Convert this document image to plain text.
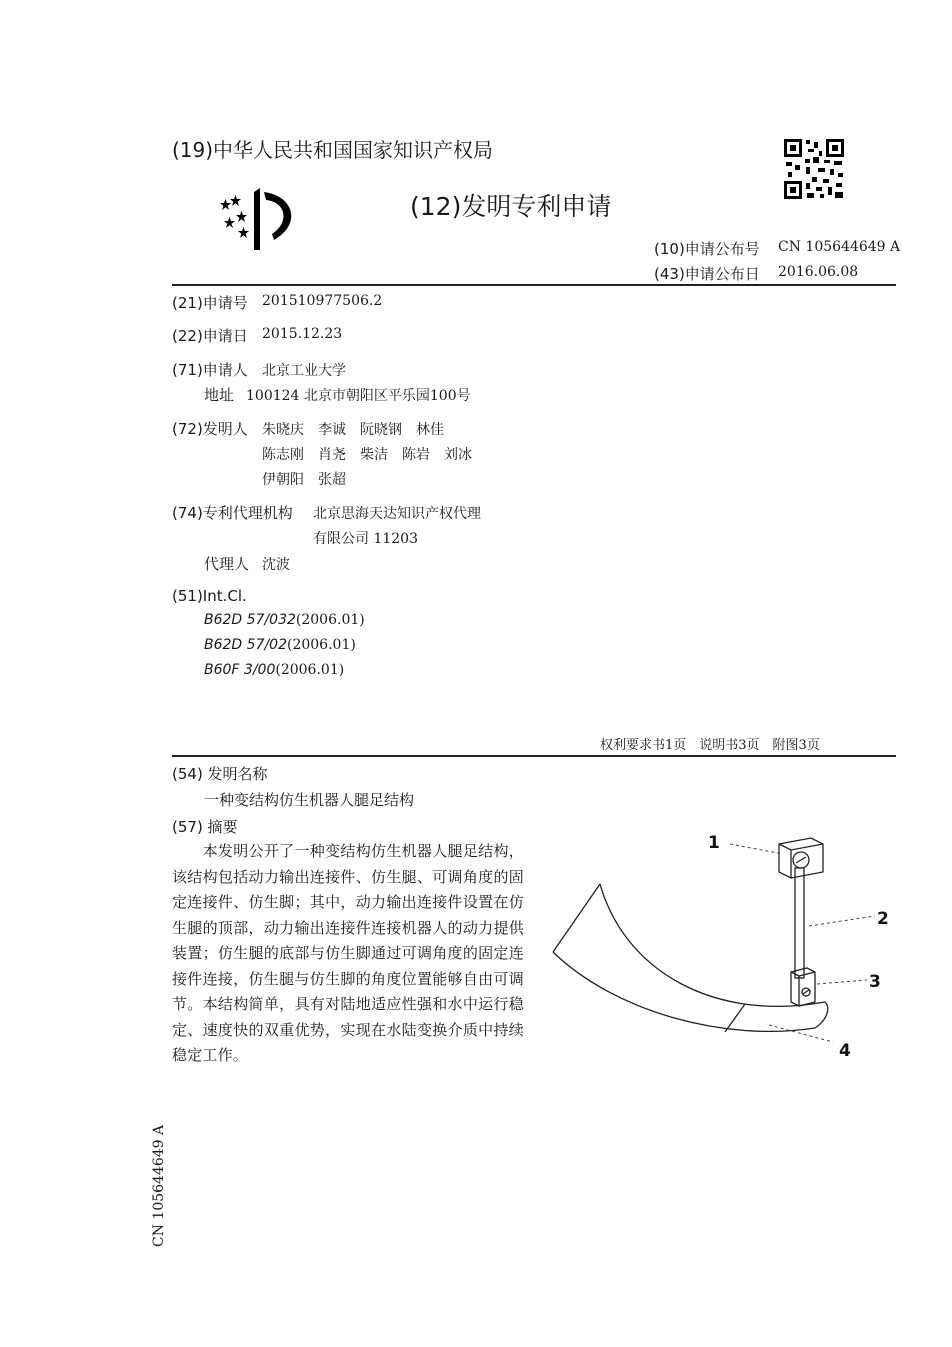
(19)中华人民共和国国家知识产权局
(12)发明专利申请
(10)申请公布号 CN 105644649 A
(43)申请公布日 2016.06.08
(21)申请号 201510977506.2
(22)申请日 2015.12.23
(71)申请人 北京工业大学
地址 100124 北京市朝阳区平乐园100号
(72)发明人 朱晓庆　李诚　阮晓钢　林佳
陈志刚　肖尧　柴洁　陈岩　刘冰
伊朝阳　张超
(74)专利代理机构 北京思海天达知识产权代理
有限公司 11203
代理人 沈波
(51)Int.Cl.
B62D 57/032(2006.01)
B62D 57/02(2006.01)
B60F 3/00(2006.01)
权利要求书1页　说明书3页　附图3页
(54) 发明名称
一种变结构仿生机器人腿足结构
(57) 摘要

　　本发明公开了一种变结构仿生机器人腿足结构，该结构包括动力输出连接件、仿生腿、可调角度的固定连接件、仿生脚；其中，动力输出连接件设置在仿生腿的顶部，动力输出连接件连接机器人的动力提供装置；仿生腿的底部与仿生脚通过可调角度的固定连接件连接，仿生腿与仿生脚的角度位置能够自由可调节。本结构简单，具有对陆地适应性强和水中运行稳定、速度快的双重优势，实现在水陆变换介质中持续稳定工作。

1
2
3
4
CN 105644649 A
